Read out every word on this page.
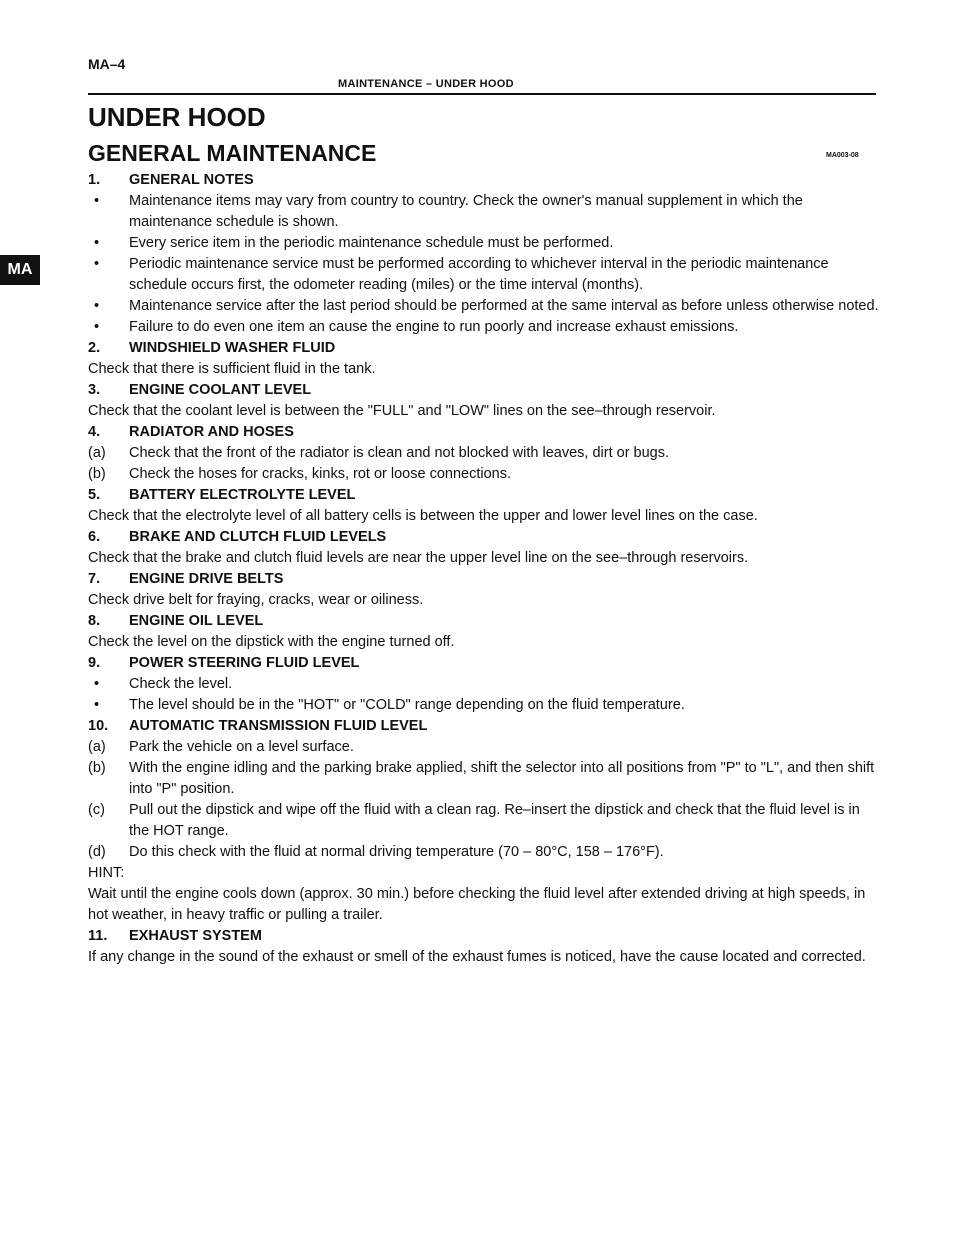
MA–4
MAINTENANCE – UNDER HOOD
MA003-08
MA
UNDER HOOD
GENERAL MAINTENANCE
1.	GENERAL NOTES
•	Maintenance items may vary from country to country. Check the owner's manual supplement in which the maintenance schedule is shown.
•	Every serice item in the periodic maintenance schedule must be performed.
•	Periodic maintenance service must be performed according to whichever interval in the periodic maintenance schedule occurs first, the odometer reading (miles) or the time interval (months).
•	Maintenance service after the last period should be performed at the same interval as before unless otherwise noted.
•	Failure to do even one item an cause the engine to run poorly and increase exhaust emissions.
2.	WINDSHIELD WASHER FLUID
Check that there is sufficient fluid in the tank.
3.	ENGINE COOLANT LEVEL
Check that the coolant level is between the "FULL" and "LOW" lines on the see–through reservoir.
4.	RADIATOR AND HOSES
(a)	Check that the front of the radiator is clean and not blocked with leaves, dirt or bugs.
(b)	Check the hoses for cracks, kinks, rot or loose connections.
5.	BATTERY ELECTROLYTE LEVEL
Check that the electrolyte level of all battery cells is between the upper and lower level lines on the case.
6.	BRAKE AND CLUTCH FLUID LEVELS
Check that the brake and clutch fluid levels are near the upper level line on the see–through reservoirs.
7.	ENGINE DRIVE BELTS
Check drive belt for fraying, cracks, wear or oiliness.
8.	ENGINE OIL LEVEL
Check the level on the dipstick with the engine turned off.
9.	POWER STEERING FLUID LEVEL
•	Check the level.
•	The level should be in the "HOT" or "COLD" range depending on the fluid temperature.
10.	AUTOMATIC TRANSMISSION FLUID LEVEL
(a)	Park the vehicle on a level surface.
(b)	With the engine idling and the parking brake applied, shift the selector into all positions from "P" to "L", and then shift into "P" position.
(c)	Pull out the dipstick and wipe off the fluid with a clean rag. Re–insert the dipstick and check that the fluid level is in the HOT range.
(d)	Do this check with the fluid at normal driving temperature (70 – 80°C, 158 – 176°F).
HINT:
Wait until the engine cools down (approx. 30 min.) before checking the fluid level after extended driving at high speeds, in hot weather, in heavy traffic or pulling a trailer.
11.	EXHAUST SYSTEM
If any change in the sound of the exhaust or smell of the exhaust fumes is noticed, have the cause located and corrected.
